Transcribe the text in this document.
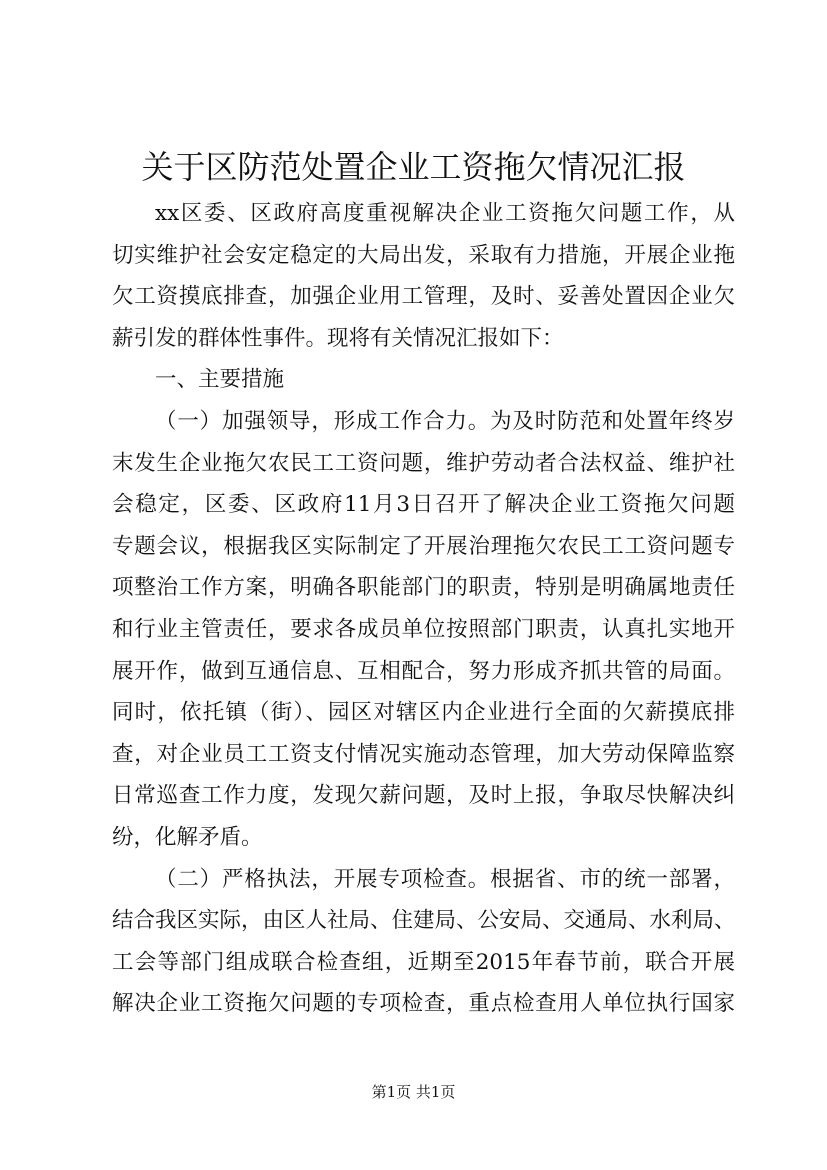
关于区防范处置企业工资拖欠情况汇报
xx区委、区政府高度重视解决企业工资拖欠问题工作，从
切实维护社会安定稳定的大局出发，采取有力措施，开展企业拖
欠工资摸底排查，加强企业用工管理，及时、妥善处置因企业欠
薪引发的群体性事件。现将有关情况汇报如下：
一、主要措施
（一）加强领导，形成工作合力。为及时防范和处置年终岁
末发生企业拖欠农民工工资问题，维护劳动者合法权益、维护社
会稳定，区委、区政府11月3日召开了解决企业工资拖欠问题
专题会议，根据我区实际制定了开展治理拖欠农民工工资问题专
项整治工作方案，明确各职能部门的职责，特别是明确属地责任
和行业主管责任，要求各成员单位按照部门职责，认真扎实地开
展开作，做到互通信息、互相配合，努力形成齐抓共管的局面。
同时，依托镇（街）、园区对辖区内企业进行全面的欠薪摸底排
查，对企业员工工资支付情况实施动态管理，加大劳动保障监察
日常巡查工作力度，发现欠薪问题，及时上报，争取尽快解决纠
纷，化解矛盾。
（二）严格执法，开展专项检查。根据省、市的统一部署，
结合我区实际，由区人社局、住建局、公安局、交通局、水利局、
工会等部门组成联合检查组，近期至2015年春节前，联合开展
解决企业工资拖欠问题的专项检查，重点检查用人单位执行国家
第1页 共1页
